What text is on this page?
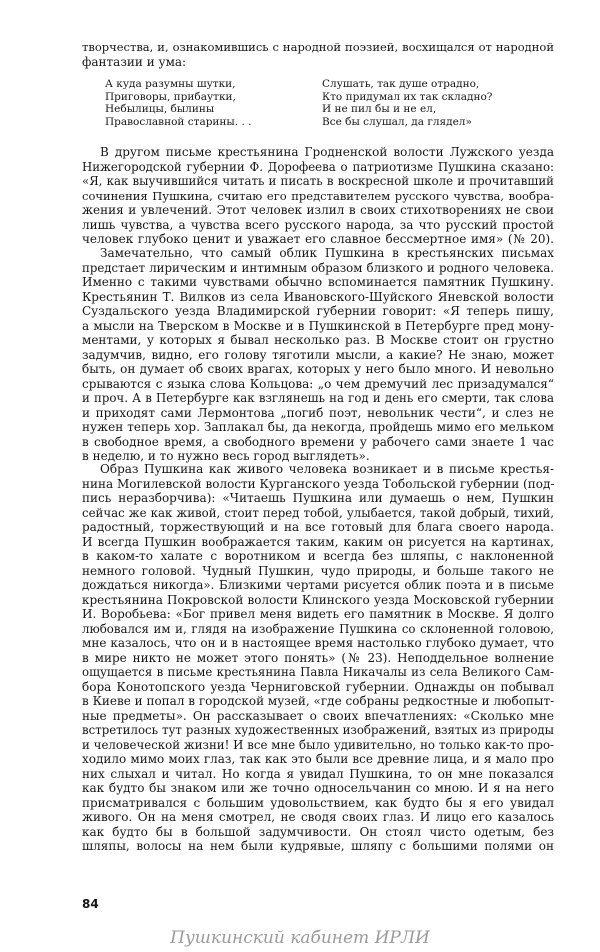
творчества, и, ознакомившись с народной поэзией, восхищался от народной
фантазии и ума:
А куда разумны шутки,
Приговоры, прибаутки,
Небылицы, былины
Православной старины. . .
Слушать, так душе отрадно,
Кто придумал их так складно?
И не пил бы и не ел,
Все бы слушал, да глядел»
В другом письме крестьянина Гродненской волости Лужского уезда
Нижегородской губернии Ф. Дорофеева о патриотизме Пушкина сказано:
«Я, как выучившийся читать и писать в воскресной школе и прочитавший
сочинения Пушкина, считаю его представителем русского чувства, вообра-
жения и увлечений. Этот человек излил в своих стихотворениях не свои
лишь чувства, а чувства всего русского народа, за что русский простой
человек глубоко ценит и уважает его славное бессмертное имя» (№ 20).
Замечательно, что самый облик Пушкина в крестьянских письмах
предстает лирическим и интимным образом близкого и родного человека.
Именно с такими чувствами обычно вспоминается памятник Пушкину.
Крестьянин Т. Вилков из села Ивановского-Шуйского Яневской волости
Суздальского уезда Владимирской губернии говорит: «Я теперь пишу,
а мысли на Тверском в Москве и в Пушкинской в Петербурге пред мону-
ментами, у которых я бывал несколько раз. В Москве стоит он грустно
задумчив, видно, его голову тяготили мысли, а какие? Не знаю, может
быть, он думает об своих врагах, которых у него было много. И невольно
срываются с языка слова Кольцова: „о чем дремучий лес призадумался“
и проч. А в Петербурге как взглянешь на год и день его смерти, так слова
и приходят сами Лермонтова „погиб поэт, невольник чести“, и слез не
нужен теперь хор. Заплакал бы, да некогда, пройдешь мимо его мельком
в свободное время, а свободного времени у рабочего сами знаете 1 час
в неделю, и то нужно весь город выглядеть».
Образ Пушкина как живого человека возникает и в письме крестья-
нина Могилевской волости Курганского уезда Тобольской губернии (под-
пись неразборчива): «Читаешь Пушкина или думаешь о нем, Пушкин
сейчас же как живой, стоит перед тобой, улыбается, такой добрый, тихий,
радостный, торжествующий и на все готовый для блага своего народа.
И всегда Пушкин воображается таким, каким он рисуется на картинах,
в каком-то халате с воротником и всегда без шляпы, с наклоненной
немного головой. Чудный Пушкин, чудо природы, и больше такого не
дождаться никогда». Близкими чертами рисуется облик поэта и в письме
крестьянина Покровской волости Клинского уезда Московской губернии
И. Воробьева: «Бог привел меня видеть его памятник в Москве. Я долго
любовался им и, глядя на изображение Пушкина со склоненной головою,
мне казалось, что он и в настоящее время настолько глубоко думает, что
в мире никто не может этого понять» (№ 23). Неподдельное волнение
ощущается в письме крестьянина Павла Никачалы из села Великого Сам-
бора Конотопского уезда Черниговской губернии. Однажды он побывал
в Киеве и попал в городской музей, «где собраны редкостные и любопыт-
ные предметы». Он рассказывает о своих впечатлениях: «Сколько мне
встретилось тут разных художественных изображений, взятых из природы
и человеческой жизни! И все мне было удивительно, но только как-то про-
ходило мимо моих глаз, так как это были все древние лица, и я мало про
них слыхал и читал. Но когда я увидал Пушкина, то он мне показался
как будто бы знаком или же точно односельчанин со мною. И я на него
присматривался с большим удовольствием, как будто бы я его увидал
живого. Он на меня смотрел, не сводя своих глаз. И лицо его казалось
как будто бы в большой задумчивости. Он стоял чисто одетым, без
шляпы, волосы на нем были кудрявые, шляпу с большими полями он
84
Пушкинский кабинет ИРЛИ
